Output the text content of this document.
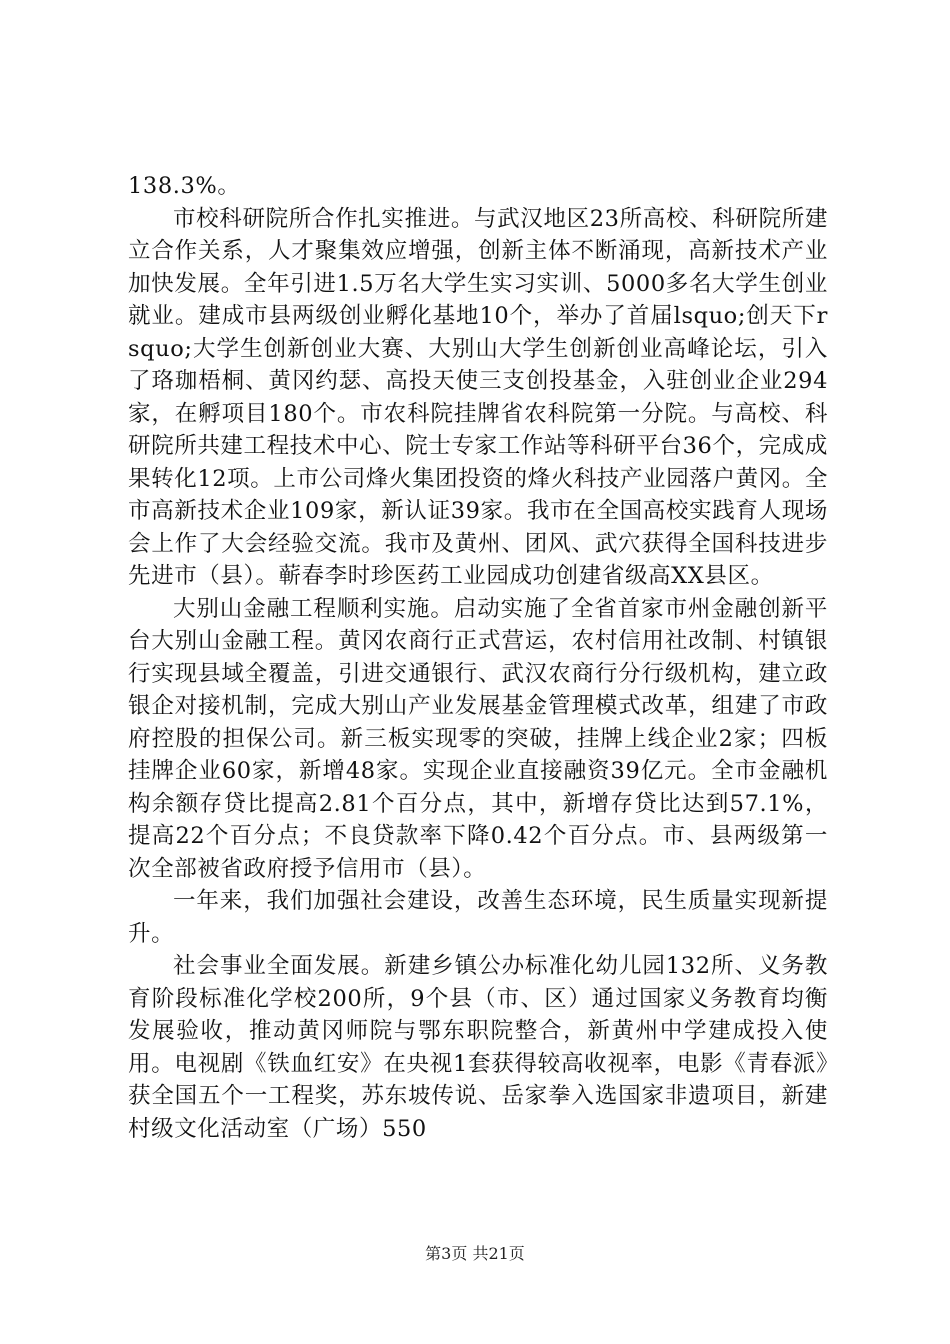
138.3%。

市校科研院所合作扎实推进。与武汉地区23所高校、科研院所建立合作关系，人才聚集效应增强，创新主体不断涌现，高新技术产业加快发展。全年引进1.5万名大学生实习实训、5000多名大学生创业就业。建成市县两级创业孵化基地10个，举办了首届lsquo;创天下rsquo;大学生创新创业大赛、大别山大学生创新创业高峰论坛，引入了珞珈梧桐、黄冈约瑟、高投天使三支创投基金，入驻创业企业294家，在孵项目180个。市农科院挂牌省农科院第一分院。与高校、科研院所共建工程技术中心、院士专家工作站等科研平台36个，完成成果转化12项。上市公司烽火集团投资的烽火科技产业园落户黄冈。全市高新技术企业109家，新认证39家。我市在全国高校实践育人现场会上作了大会经验交流。我市及黄州、团风、武穴获得全国科技进步先进市（县）。蕲春李时珍医药工业园成功创建省级高XX县区。

大别山金融工程顺利实施。启动实施了全省首家市州金融创新平台大别山金融工程。黄冈农商行正式营运，农村信用社改制、村镇银行实现县域全覆盖，引进交通银行、武汉农商行分行级机构，建立政银企对接机制，完成大别山产业发展基金管理模式改革，组建了市政府控股的担保公司。新三板实现零的突破，挂牌上线企业2家；四板挂牌企业60家，新增48家。实现企业直接融资39亿元。全市金融机构余额存贷比提高2.81个百分点，其中，新增存贷比达到57.1%，提高22个百分点；不良贷款率下降0.42个百分点。市、县两级第一次全部被省政府授予信用市（县）。

一年来，我们加强社会建设，改善生态环境，民生质量实现新提升。

社会事业全面发展。新建乡镇公办标准化幼儿园132所、义务教育阶段标准化学校200所，9个县（市、区）通过国家义务教育均衡发展验收，推动黄冈师院与鄂东职院整合，新黄州中学建成投入使用。电视剧《铁血红安》在央视1套获得较高收视率，电影《青春派》获全国五个一工程奖，苏东坡传说、岳家拳入选国家非遗项目，新建村级文化活动室（广场）550

第3页 共21页
